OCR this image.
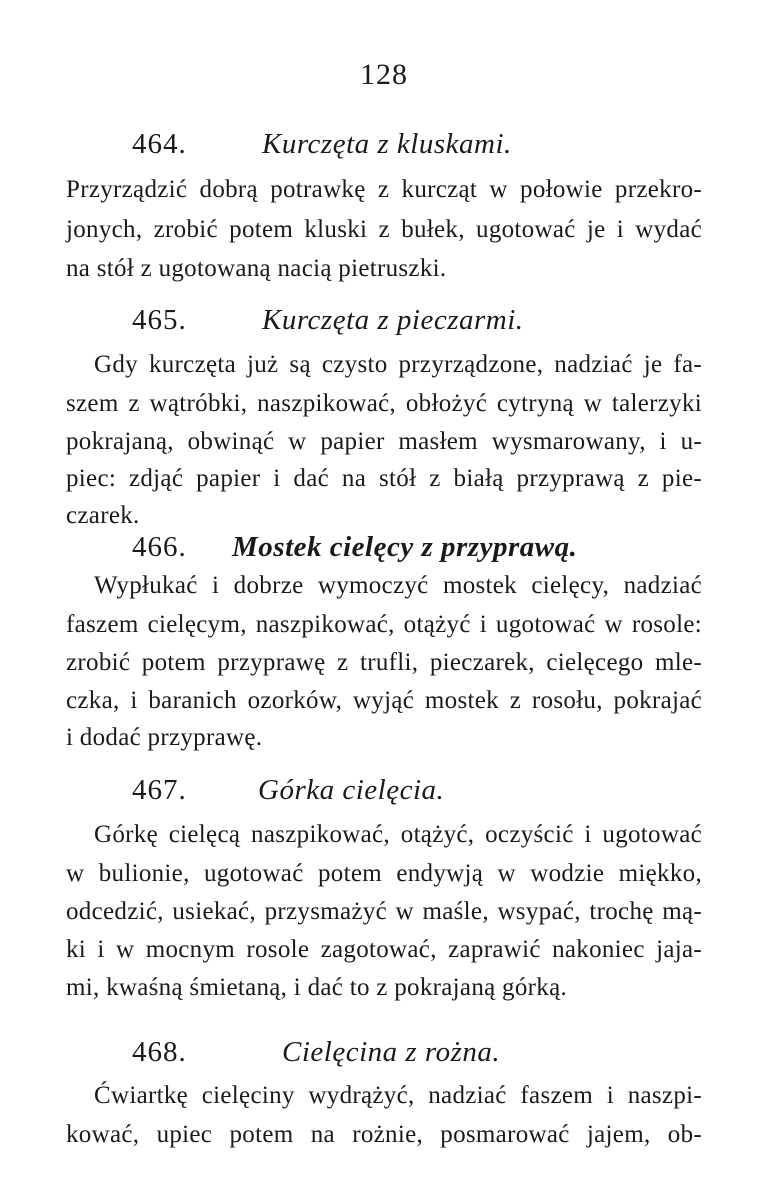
128
464.	Kurczęta z kluskami.
Przyrządzić dobrą potrawkę z kurcząt w połowie przekro-
jonych, zrobić potem kluski z bułek, ugotować je i wydać
na stół z ugotowaną nacią pietruszki.
465.	Kurczęta z pieczarmi.
Gdy kurczęta już są czysto przyrządzone, nadziać je fa-
szem z wątróbki, naszpikować, obłożyć cytryną w talerzyki
pokrajaną, obwinąć w papier masłem wysmarowany, i u-
piec: zdjąć papier i dać na stół z białą przyprawą z pie-
czarek.
466. Mostek cielęcy z przyprawą.
Wypłukać i dobrze wymoczyć mostek cielęcy, nadziać
faszem cielęcym, naszpikować, otążyć i ugotować w rosole:
zrobić potem przyprawę z trufli, pieczarek, cielęcego mle-
czka, i baranich ozorków, wyjąć mostek z rosołu, pokrajać
i dodać przyprawę.
467. Górka cielęcia.
Górkę cielęcą naszpikować, otążyć, oczyścić i ugotować
w bulionie, ugotować potem endywją w wodzie miękko,
odcedzić, usiekać, przysmażyć w maśle, wsypać, trochę mą-
ki i w mocnym rosole zagotować, zaprawić nakoniec jaja-
mi, kwaśną śmietaną, i dać to z pokrajaną górką.
468.	Cielęcina z rożna.
Ćwiartkę cielęciny wydrążyć, nadziać faszem i naszpi-
kować, upiec potem na rożnie, posmarować jajem, ob-
